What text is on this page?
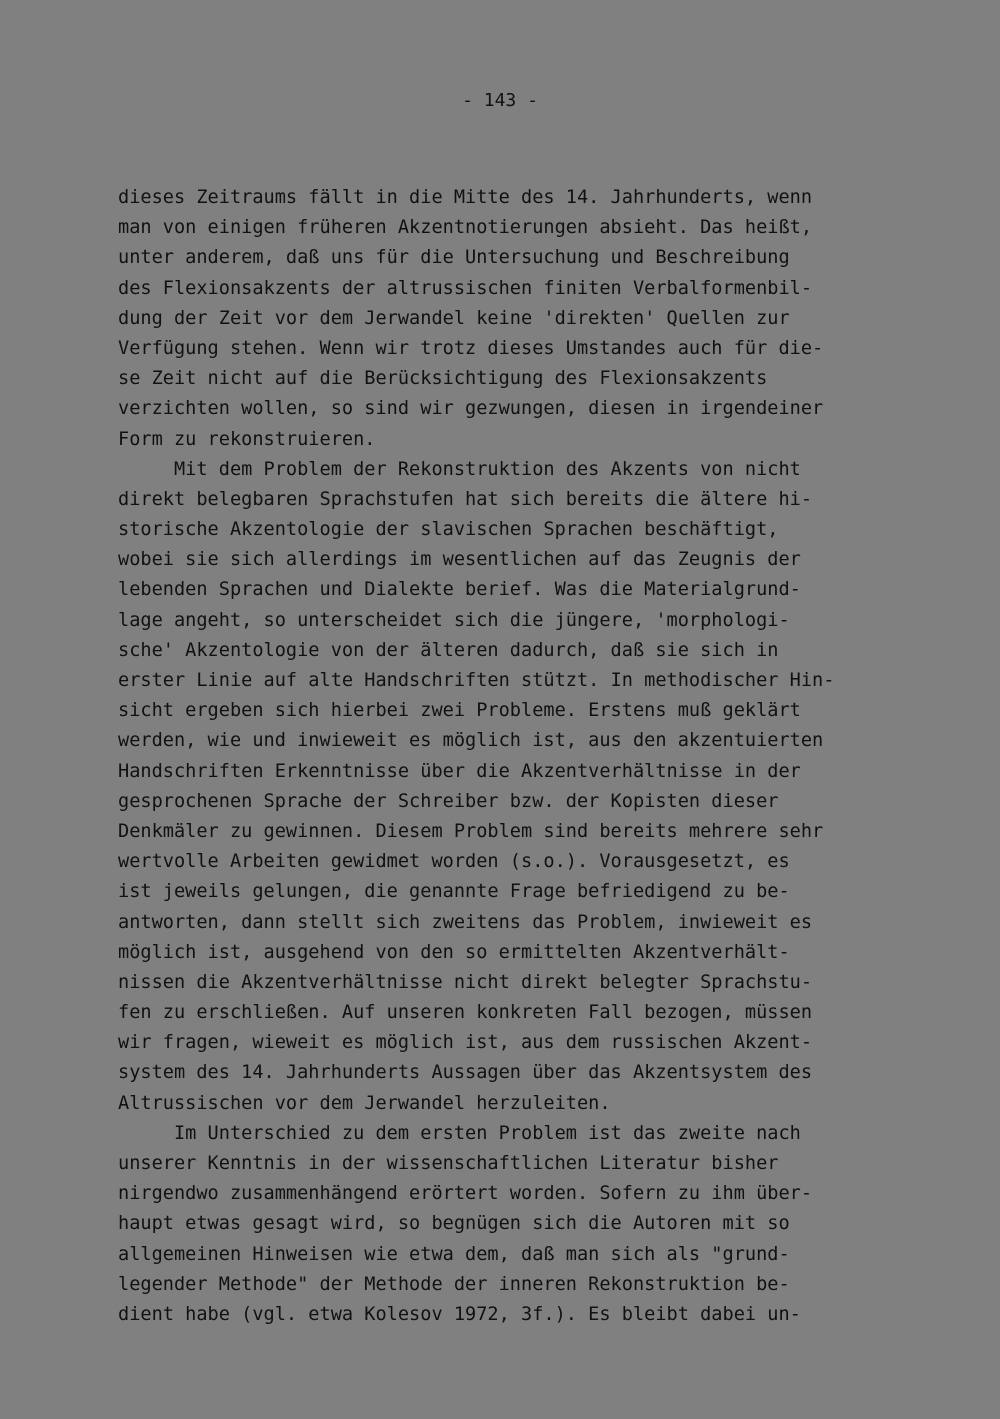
- 143 -
dieses Zeitraums fällt in die Mitte des 14. Jahrhunderts, wenn
man von einigen früheren Akzentnotierungen absieht. Das heißt,
unter anderem, daß uns für die Untersuchung und Beschreibung
des Flexionsakzents der altrussischen finiten Verbalformenbil-
dung der Zeit vor dem Jerwandel keine 'direkten' Quellen zur
Verfügung stehen. Wenn wir trotz dieses Umstandes auch für die-
se Zeit nicht auf die Berücksichtigung des Flexionsakzents
verzichten wollen, so sind wir gezwungen, diesen in irgendeiner
Form zu rekonstruieren.
Mit dem Problem der Rekonstruktion des Akzents von nicht
direkt belegbaren Sprachstufen hat sich bereits die ältere hi-
storische Akzentologie der slavischen Sprachen beschäftigt,
wobei sie sich allerdings im wesentlichen auf das Zeugnis der
lebenden Sprachen und Dialekte berief. Was die Materialgrund-
lage angeht, so unterscheidet sich die jüngere, 'morphologi-
sche' Akzentologie von der älteren dadurch, daß sie sich in
erster Linie auf alte Handschriften stützt. In methodischer Hin-
sicht ergeben sich hierbei zwei Probleme. Erstens muß geklärt
werden, wie und inwieweit es möglich ist, aus den akzentuierten
Handschriften Erkenntnisse über die Akzentverhältnisse in der
gesprochenen Sprache der Schreiber bzw. der Kopisten dieser
Denkmäler zu gewinnen. Diesem Problem sind bereits mehrere sehr
wertvolle Arbeiten gewidmet worden (s.o.). Vorausgesetzt, es
ist jeweils gelungen, die genannte Frage befriedigend zu be-
antworten, dann stellt sich zweitens das Problem, inwieweit es
möglich ist, ausgehend von den so ermittelten Akzentverhält-
nissen die Akzentverhältnisse nicht direkt belegter Sprachstu-
fen zu erschließen. Auf unseren konkreten Fall bezogen, müssen
wir fragen, wieweit es möglich ist, aus dem russischen Akzent-
system des 14. Jahrhunderts Aussagen über das Akzentsystem des
Altrussischen vor dem Jerwandel herzuleiten.
Im Unterschied zu dem ersten Problem ist das zweite nach
unserer Kenntnis in der wissenschaftlichen Literatur bisher
nirgendwo zusammenhängend erörtert worden. Sofern zu ihm über-
haupt etwas gesagt wird, so begnügen sich die Autoren mit so
allgemeinen Hinweisen wie etwa dem, daß man sich als "grund-
legender Methode" der Methode der inneren Rekonstruktion be-
dient habe (vgl. etwa Kolesov 1972, 3f.). Es bleibt dabei un-
